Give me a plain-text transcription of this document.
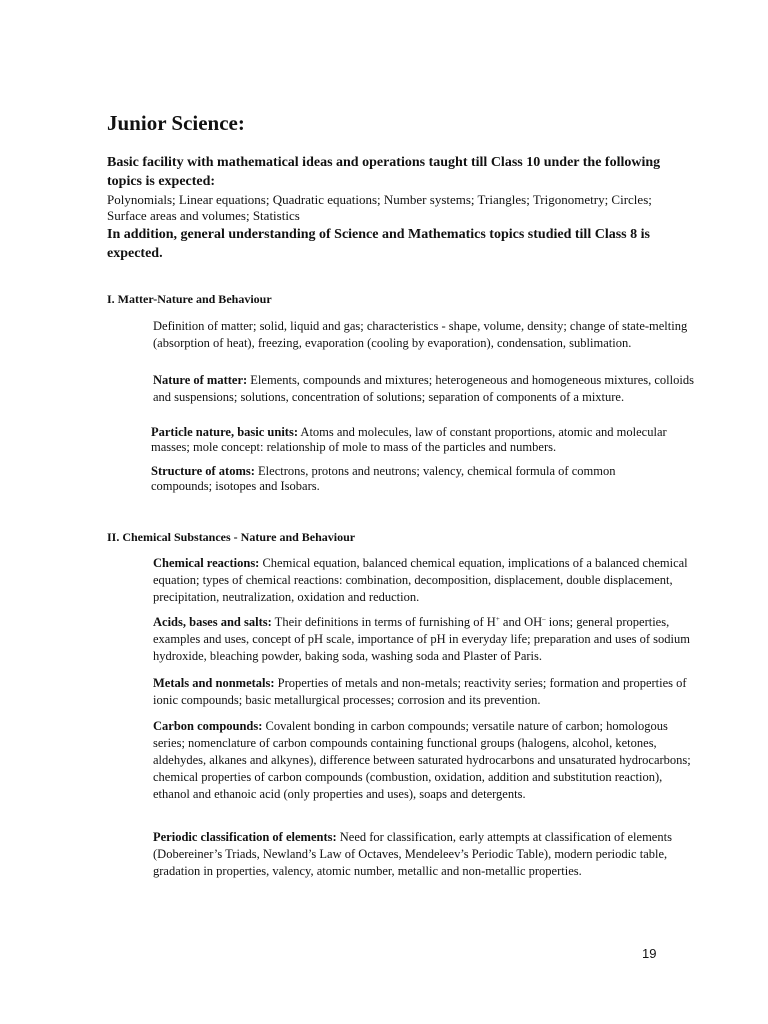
Junior Science:

Basic facility with mathematical ideas and operations taught till Class 10 under the following topics is expected:

Polynomials; Linear equations; Quadratic equations; Number systems; Triangles; Trigonometry; Circles; Surface areas and volumes; Statistics

In addition, general understanding of Science and Mathematics topics studied till Class 8 is expected.

I. Matter-Nature and Behaviour

Definition of matter; solid, liquid and gas; characteristics - shape, volume, density; change of state-melting (absorption of heat), freezing, evaporation (cooling by evaporation), condensation, sublimation.

Nature of matter: Elements, compounds and mixtures; heterogeneous and homogeneous mixtures, colloids and suspensions; solutions, concentration of solutions; separation of components of a mixture.

Particle nature, basic units: Atoms and molecules, law of constant proportions, atomic and molecular masses; mole concept: relationship of mole to mass of the particles and numbers.

Structure of atoms: Electrons, protons and neutrons; valency, chemical formula of common compounds; isotopes and Isobars.

II. Chemical Substances - Nature and Behaviour

Chemical reactions: Chemical equation, balanced chemical equation, implications of a balanced chemical equation; types of chemical reactions: combination, decomposition, displacement, double displacement, precipitation, neutralization, oxidation and reduction.

Acids, bases and salts: Their definitions in terms of furnishing of H+ and OH– ions; general properties, examples and uses, concept of pH scale, importance of pH in everyday life; preparation and uses of sodium hydroxide, bleaching powder, baking soda, washing soda and Plaster of Paris.

Metals and nonmetals: Properties of metals and non-metals; reactivity series; formation and properties of ionic compounds; basic metallurgical processes; corrosion and its prevention.

Carbon compounds: Covalent bonding in carbon compounds; versatile nature of carbon; homologous series; nomenclature of carbon compounds containing functional groups (halogens, alcohol, ketones, aldehydes, alkanes and alkynes), difference between saturated hydrocarbons and unsaturated hydrocarbons; chemical properties of carbon compounds (combustion, oxidation, addition and substitution reaction), ethanol and ethanoic acid (only properties and uses), soaps and detergents.

Periodic classification of elements: Need for classification, early attempts at classification of elements (Dobereiner’s Triads, Newland’s Law of Octaves, Mendeleev’s Periodic Table), modern periodic table, gradation in properties, valency, atomic number, metallic and non-metallic properties.

19
